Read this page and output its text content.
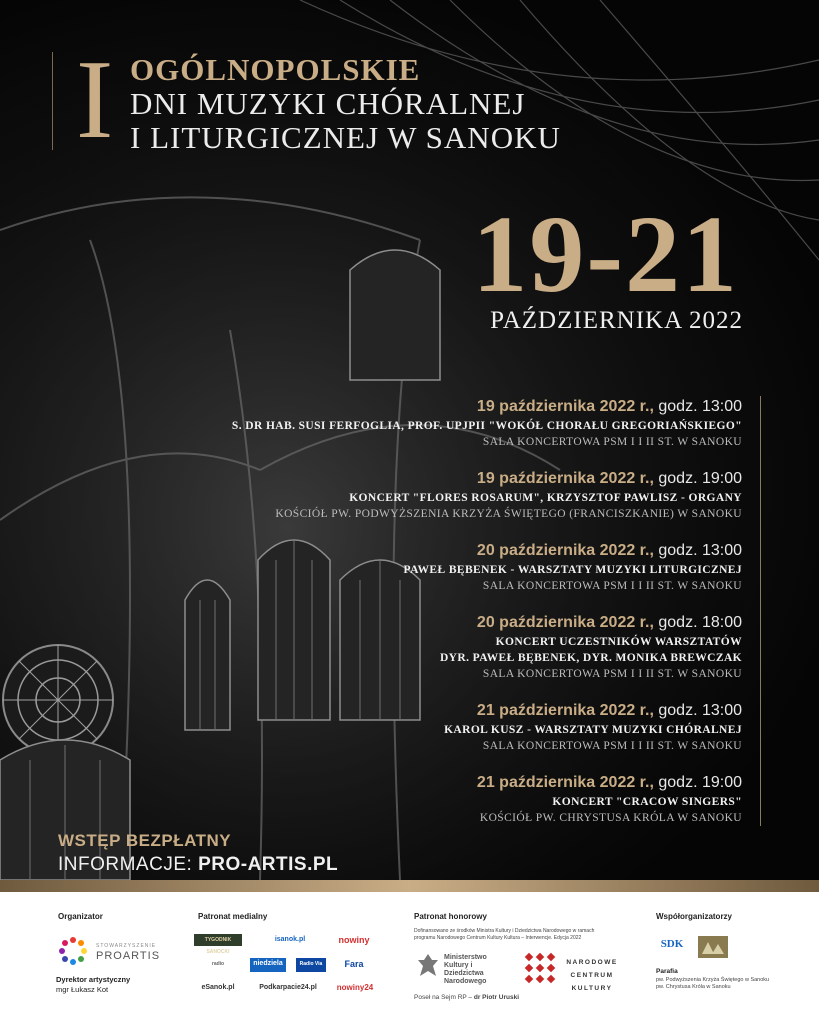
I OGÓLNOPOLSKIE
DNI MUZYKI CHÓRALNEJ
I LITURGICZNEJ W SANOKU
19-21
PAŹDZIERNIKA 2022
19 października 2022 r., godz. 13:00
S. DR HAB. SUSI FERFOGLIA, PROF. UPJPII "WOKÓŁ CHORAŁU GREGORIAŃSKIEGO"
SALA KONCERTOWA PSM I I II ST. W SANOKU
19 października 2022 r., godz. 19:00
KONCERT "FLORES ROSARUM", KRZYSZTOF PAWLISZ - ORGANY
KOŚCIÓŁ PW. PODWYŻSZENIA KRZYŻA ŚWIĘTEGO (FRANCISZKANIE) W SANOKU
20 października 2022 r., godz. 13:00
PAWEŁ BĘBENEK - WARSZTATY MUZYKI LITURGICZNEJ
SALA KONCERTOWA PSM I I II ST. W SANOKU
20 października 2022 r., godz. 18:00
KONCERT UCZESTNIKÓW WARSZTATÓW
DYR. PAWEŁ BĘBENEK, DYR. MONIKA BREWCZAK
SALA KONCERTOWA PSM I I II ST. W SANOKU
21 października 2022 r., godz. 13:00
KAROL KUSZ - WARSZTATY MUZYKI CHÓRALNEJ
SALA KONCERTOWA PSM I I II ST. W SANOKU
21 października 2022 r., godz. 19:00
KONCERT "CRACOW SINGERS"
KOŚCIÓŁ PW. CHRYSTUSA KRÓLA W SANOKU
WSTĘP BEZPŁATNY
INFORMACJE: PRO-ARTIS.PL
Organizator
STOWARZYSZENIE
PROARTIS
Dyrektor artystyczny
mgr Łukasz Kot
Patronat medialny
TYGODNIK SANOCKI
isanok.pl	nowiny
radio	niedziela	Radio Via	Fara
eSanok.pl	Podkarpacie24.pl	nowiny24
Patronat honorowy
Dofinansowano ze środków Ministra Kultury i Dziedzictwa Narodowego w ramach programu Narodowego Centrum Kultury Kultura – Interwencje. Edycja 2022
Ministerstwo Kultury i Dziedzictwa Narodowego
NARODOWE CENTRUM KULTURY
Poseł na Sejm RP – dr Piotr Uruski
Współorganizatorzy
SDK
Parafia
pw. Podwyższenia Krzyża Świętego w Sanoku
pw. Chrystusa Króla w Sanoku
